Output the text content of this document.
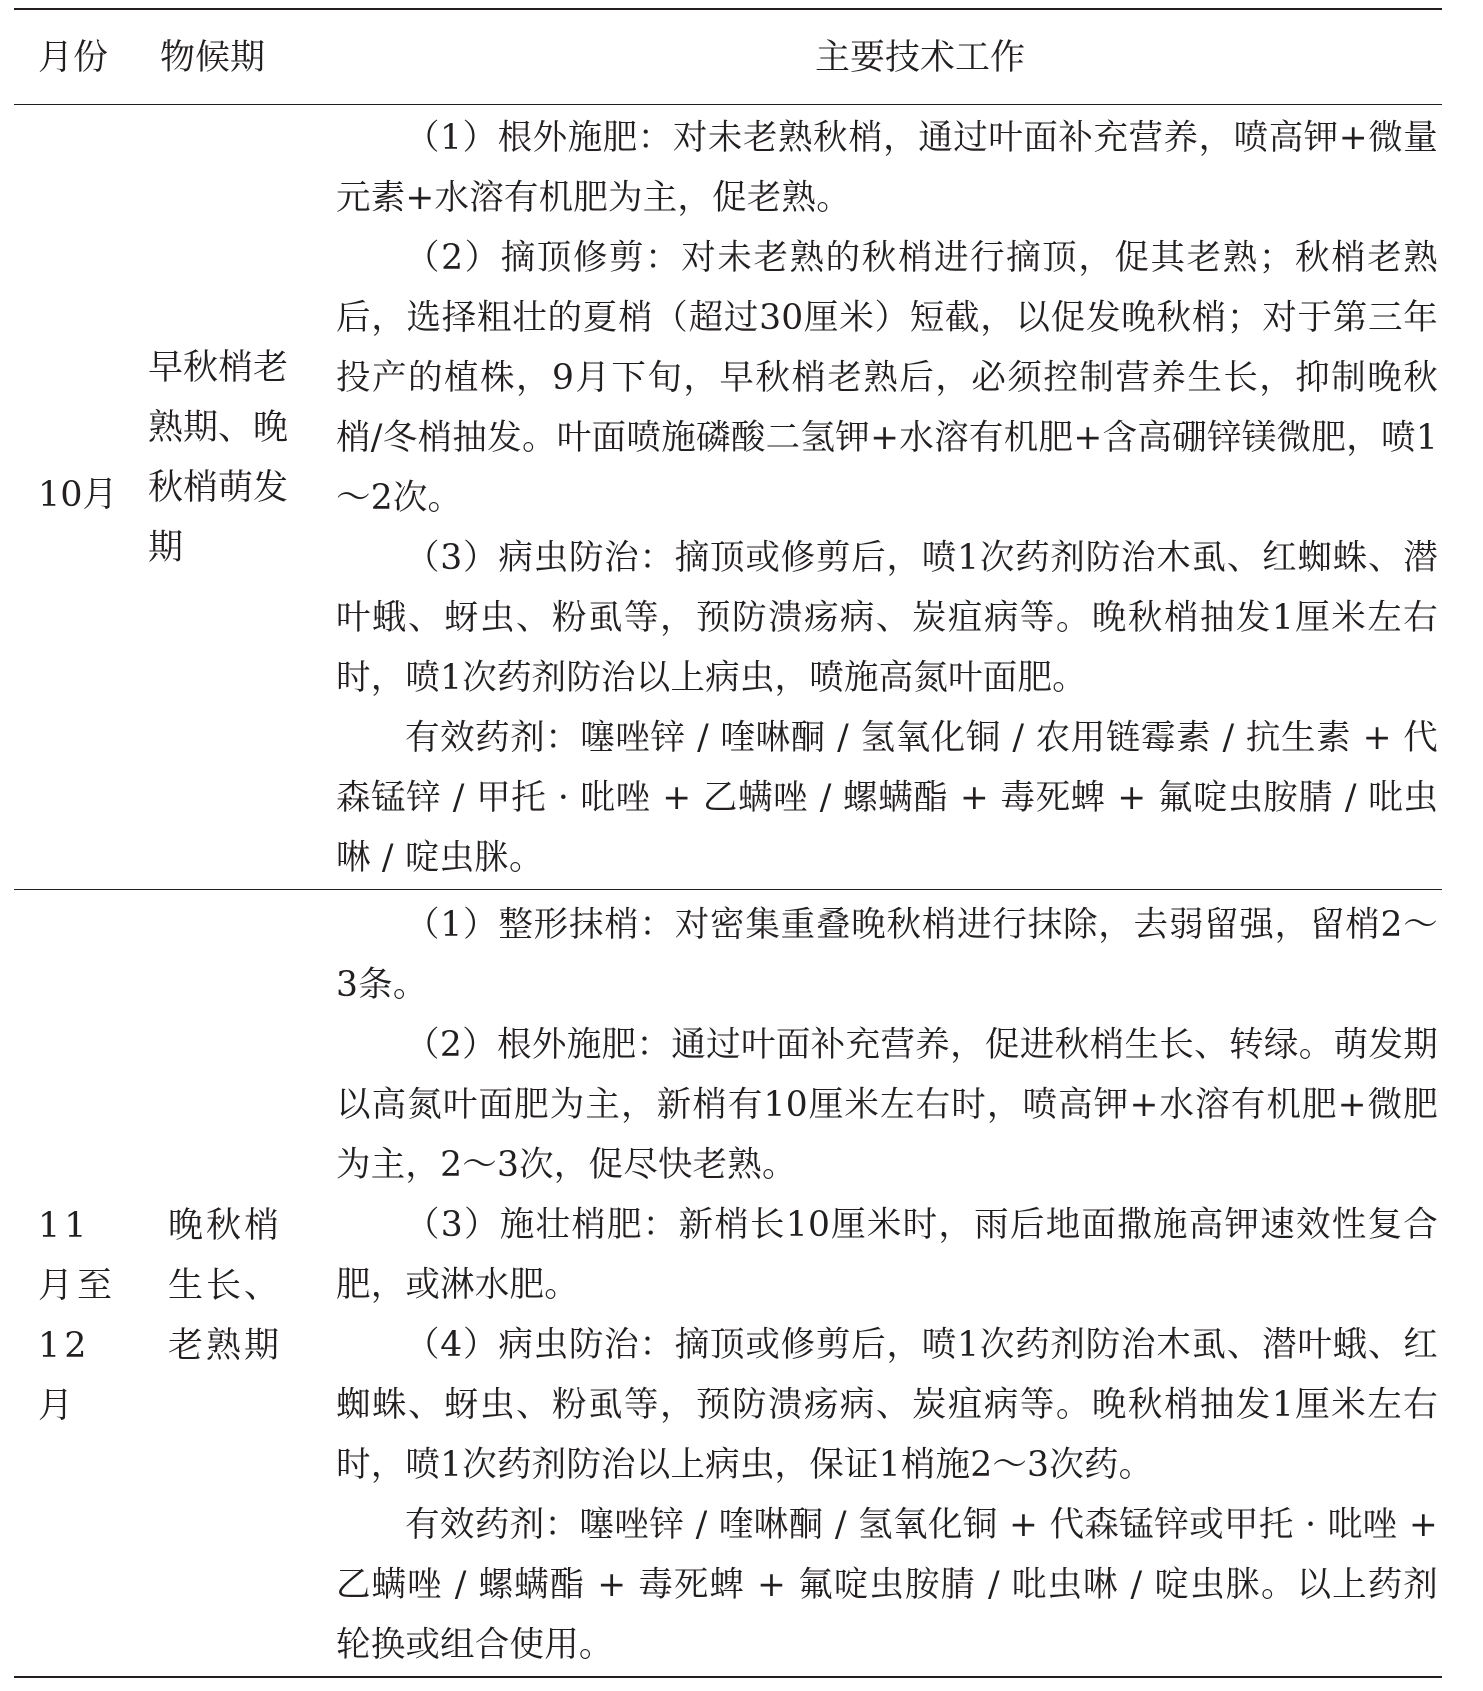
月份 物候期	主要技术工作
10月
早秋梢老熟期、晚秋梢萌发期

（1）根外施肥：对未老熟秋梢，通过叶面补充营养，喷高钾+微量元素+水溶有机肥为主，促老熟。

（2）摘顶修剪：对未老熟的秋梢进行摘顶，促其老熟；秋梢老熟后，选择粗壮的夏梢（超过30厘米）短截，以促发晚秋梢；对于第三年投产的植株，9月下旬，早秋梢老熟后，必须控制营养生长，抑制晚秋梢/冬梢抽发。叶面喷施磷酸二氢钾+水溶有机肥+含高硼锌镁微肥，喷1～2次。

（3）病虫防治：摘顶或修剪后，喷1次药剂防治木虱、红蜘蛛、潜叶蛾、蚜虫、粉虱等，预防溃疡病、炭疽病等。晚秋梢抽发1厘米左右时，喷1次药剂防治以上病虫，喷施高氮叶面肥。

有效药剂：噻唑锌 / 喹啉酮 / 氢氧化铜 / 农用链霉素 / 抗生素 + 代森锰锌 / 甲托 · 吡唑 + 乙螨唑 / 螺螨酯 + 毒死蜱 + 氟啶虫胺腈 / 吡虫啉 / 啶虫脒。

11月至12月
晚秋梢生长、老熟期

（1）整形抹梢：对密集重叠晚秋梢进行抹除，去弱留强，留梢2～3条。

（2）根外施肥：通过叶面补充营养，促进秋梢生长、转绿。萌发期以高氮叶面肥为主，新梢有10厘米左右时，喷高钾+水溶有机肥+微肥为主，2～3次，促尽快老熟。

（3）施壮梢肥：新梢长10厘米时，雨后地面撒施高钾速效性复合肥，或淋水肥。

（4）病虫防治：摘顶或修剪后，喷1次药剂防治木虱、潜叶蛾、红蜘蛛、蚜虫、粉虱等，预防溃疡病、炭疽病等。晚秋梢抽发1厘米左右时，喷1次药剂防治以上病虫，保证1梢施2～3次药。

有效药剂：噻唑锌 / 喹啉酮 / 氢氧化铜 + 代森锰锌或甲托 · 吡唑 + 乙螨唑 / 螺螨酯 + 毒死蜱 + 氟啶虫胺腈 / 吡虫啉 / 啶虫脒。以上药剂轮换或组合使用。
